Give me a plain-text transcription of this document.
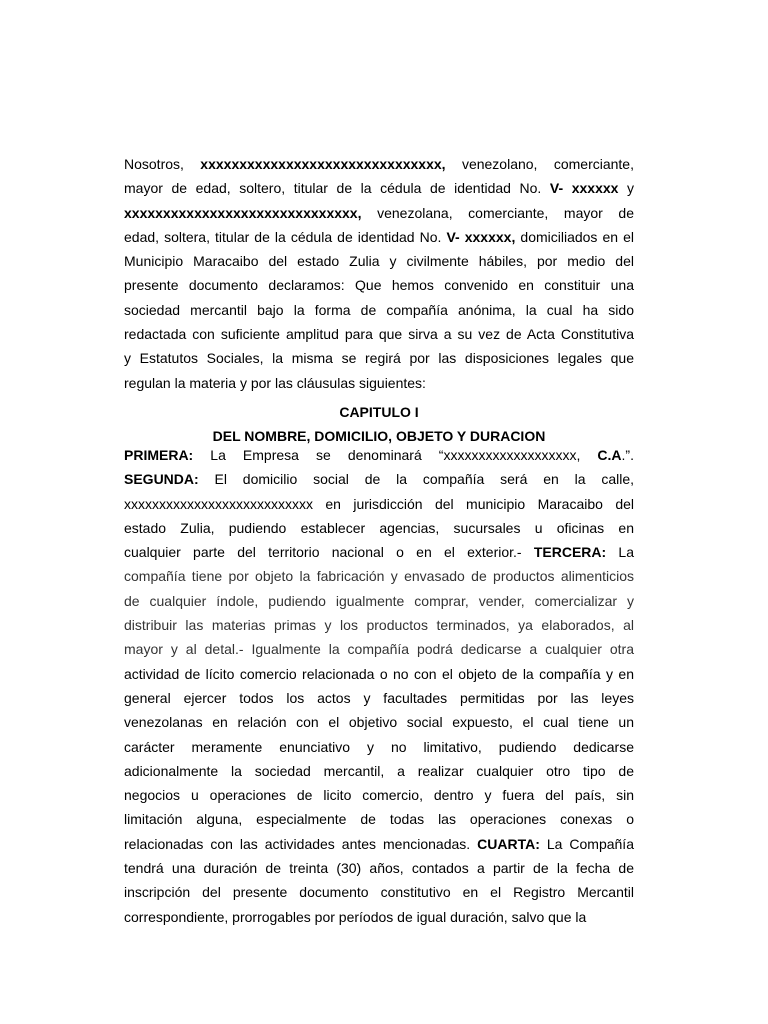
Nosotros, xxxxxxxxxxxxxxxxxxxxxxxxxxxxxxx, venezolano, comerciante,
mayor de edad, soltero, titular de la cédula de identidad No. V- xxxxxx y
xxxxxxxxxxxxxxxxxxxxxxxxxxxxxx, venezolana, comerciante, mayor de
edad, soltera, titular de la cédula de identidad No. V- xxxxxx, domiciliados en el
Municipio Maracaibo del estado Zulia y civilmente hábiles, por medio del
presente documento declaramos: Que hemos convenido en constituir una
sociedad mercantil bajo la forma de compañía anónima, la cual ha sido
redactada con suficiente amplitud para que sirva a su vez de Acta Constitutiva
y Estatutos Sociales, la misma se regirá por las disposiciones legales que
regulan la materia y por las cláusulas siguientes:
CAPITULO I
DEL NOMBRE, DOMICILIO, OBJETO Y DURACION
PRIMERA: La Empresa se denominará “xxxxxxxxxxxxxxxxxxx, C.A.”.
SEGUNDA: El domicilio social de la compañía será en la calle,
xxxxxxxxxxxxxxxxxxxxxxxxxxx en jurisdicción del municipio Maracaibo del
estado Zulia, pudiendo establecer agencias, sucursales u oficinas en
cualquier parte del territorio nacional o en el exterior.- TERCERA: La
compañía tiene por objeto la fabricación y envasado de productos alimenticios
de cualquier índole, pudiendo igualmente comprar, vender, comercializar y
distribuir las materias primas y los productos terminados, ya elaborados, al
mayor y al detal.- Igualmente la compañía podrá dedicarse a cualquier otra
actividad de lícito comercio relacionada o no con el objeto de la compañía y en
general ejercer todos los actos y facultades permitidas por las leyes
venezolanas en relación con el objetivo social expuesto, el cual tiene un
carácter meramente enunciativo y no limitativo, pudiendo dedicarse
adicionalmente la sociedad mercantil, a realizar cualquier otro tipo de
negocios u operaciones de licito comercio, dentro y fuera del país, sin
limitación alguna, especialmente de todas las operaciones conexas o
relacionadas con las actividades antes mencionadas. CUARTA: La Compañía
tendrá una duración de treinta (30) años, contados a partir de la fecha de
inscripción del presente documento constitutivo en el Registro Mercantil
correspondiente, prorrogables por períodos de igual duración, salvo que la
